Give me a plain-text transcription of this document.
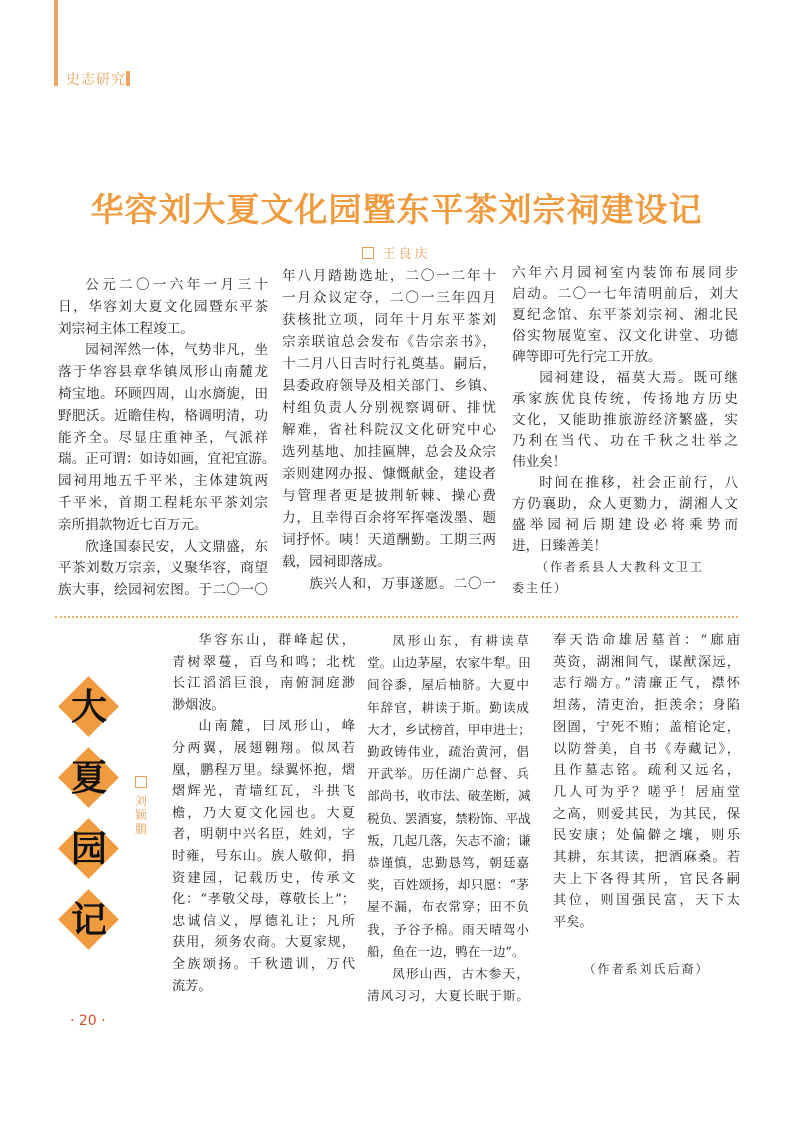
史志研究
华容刘大夏文化园暨东平茶刘宗祠建设记
王良庆
公元二〇一六年一月三十
日，华容刘大夏文化园暨东平茶
刘宗祠主体工程竣工。
园祠浑然一体，气势非凡，坐
落于华容县章华镇凤形山南麓龙
椅宝地。环顾四周，山水旖旎，田
野肥沃。近瞻佳构，格调明清，功
能齐全。尽显庄重神圣，气派祥
瑞。正可谓：如诗如画，宜祀宜游。
园祠用地五千平米，主体建筑两
千平米，首期工程耗东平茶刘宗
亲所捐款物近七百万元。
欣逢国泰民安，人文鼎盛，东
平茶刘数万宗亲，义聚华容，商望
族大事，绘园祠宏图。于二〇一〇
年八月踏勘选址，二〇一二年十
一月众议定夺，二〇一三年四月
获核批立项，同年十月东平茶刘
宗亲联谊总会发布《告宗亲书》，
十二月八日吉时行礼奠基。嗣后，
县委政府领导及相关部门、乡镇、
村组负责人分别视察调研、排忧
解难，省社科院汉文化研究中心
选列基地、加挂匾牌，总会及众宗
亲则建网办报、慷慨献金，建设者
与管理者更是披荆斩棘、操心费
力，且幸得百余将军挥毫泼墨、题
词抒怀。咦！天道酬勤。工期三两
载，园祠即落成。
族兴人和，万事遂愿。二〇一
六年六月园祠室内装饰布展同步
启动。二〇一七年清明前后，刘大
夏纪念馆、东平茶刘宗祠、湘北民
俗实物展览室、汉文化讲堂、功德
碑等即可先行完工开放。
园祠建设，福莫大焉。既可继
承家族优良传统，传扬地方历史
文化，又能助推旅游经济繁盛，实
乃利在当代、功在千秋之壮举之
伟业矣！
时间在推移，社会正前行，八
方仍襄助，众人更勠力，湖湘人文
盛举园祠后期建设必将乘势而
进，日臻善美！
（作者系县人大教科文卫工
委主任）
大
夏
园
记
刘颖鹏
华容东山，群峰起伏，
青树翠蔓，百鸟和鸣；北枕
长江滔滔巨浪，南俯洞庭渺
渺烟波。
山南麓，曰凤形山，峰
分两翼，展翅翱翔。似凤若
凰，鹏程万里。绿翼怀抱，熠
熠辉光，青墙红瓦，斗拱飞
檐，乃大夏文化园也。大夏
者，明朝中兴名臣，姓刘，字
时雍，号东山。族人敬仰，捐
资建园，记载历史，传承文
化：“孝敬父母，尊敬长上”；
忠诚信义，厚德礼让；凡所
获用，须务农商。大夏家规，
全族颂扬。千秋遗训，万代
流芳。
凤形山东，有耕读草
堂。山边茅屋，农家牛犁。田
间谷黍，屋后柚脐。大夏中
年辞官，耕读于斯。勤读成
大才，乡试榜首，甲申进士；
勤政铸伟业，疏治黄河，倡
开武举。历任湖广总督、兵
部尚书，收市法、破垄断，减
税负、罢酒宴，禁粉饰、平战
叛，几起几落，矢志不渝；谦
恭谨慎，忠勤恳笃，朝廷嘉
奖，百姓颂扬，却只愿：“茅
屋不漏，布衣常穿；田不负
我，予谷予棉。雨天晴驾小
船，鱼在一边，鸭在一边”。
凤形山西，古木参天，
清风习习，大夏长眠于斯。
奉天诰命雄居墓首：“廊庙
英资，湖湘间气，谋猷深远，
志行端方。”清廉正气，襟怀
坦荡，清吏治，拒羡余；身陷
囹圄，宁死不贿；盖棺论定，
以防誉美，自书《寿藏记》，
且作墓志铭。疏利又远名，
几人可为乎？嗟乎！居庙堂
之高，则爱其民，为其民，保
民安康；处偏僻之壤，则乐
其耕，东其读，把酒麻桑。若
夫上下各得其所，官民各嗣
其位，则国强民富，天下太
平矣。
（作者系刘氏后裔）
· 20 ·
